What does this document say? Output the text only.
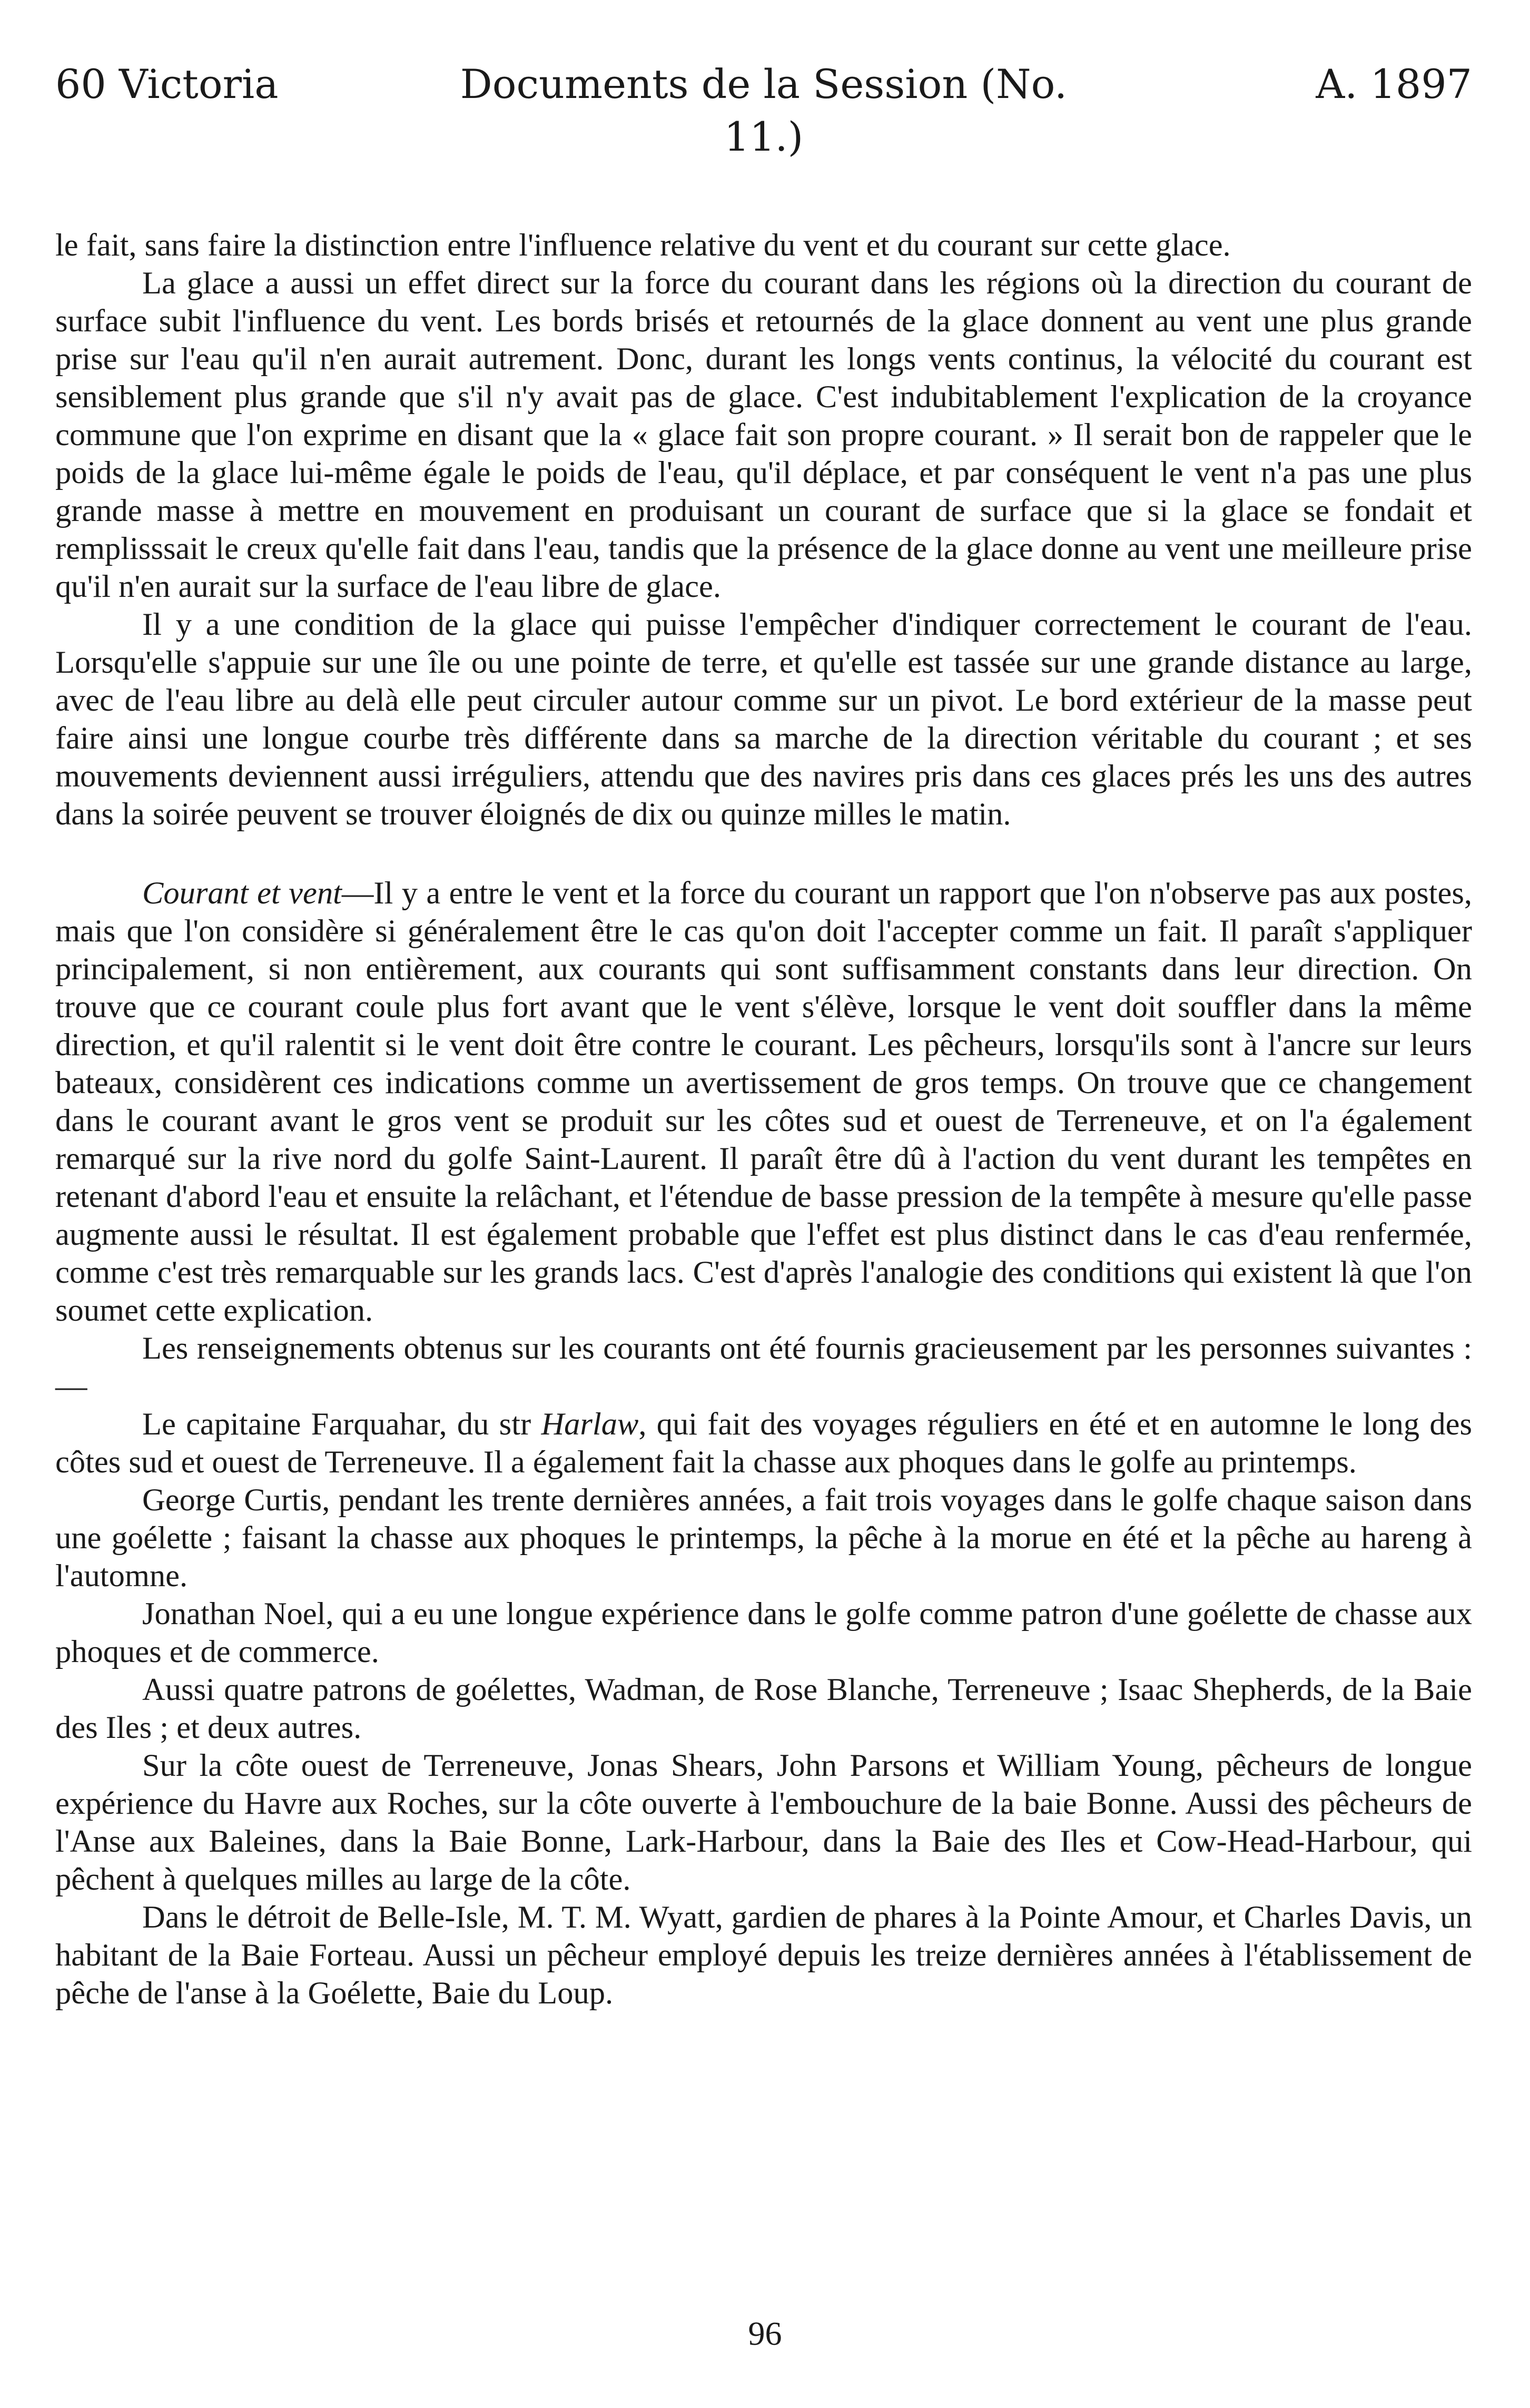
60 Victoria	Documents de la Session (No. 11.)
A. 1897

le fait, sans faire la distinction entre l'influence relative du vent et du courant sur cette glace.

La glace a aussi un effet direct sur la force du courant dans les régions où la direction du courant de surface subit l'influence du vent. Les bords brisés et retournés de la glace donnent au vent une plus grande prise sur l'eau qu'il n'en aurait autrement. Donc, durant les longs vents continus, la vélocité du courant est sensiblement plus grande que s'il n'y avait pas de glace. C'est indubitablement l'explication de la croyance commune que l'on exprime en disant que la « glace fait son propre courant. » Il serait bon de rappeler que le poids de la glace lui-même égale le poids de l'eau, qu'il déplace, et par conséquent le vent n'a pas une plus grande masse à mettre en mouvement en produisant un courant de surface que si la glace se fondait et remplisssait le creux qu'elle fait dans l'eau, tandis que la présence de la glace donne au vent une meilleure prise qu'il n'en aurait sur la surface de l'eau libre de glace.

Il y a une condition de la glace qui puisse l'empêcher d'indiquer correctement le courant de l'eau. Lorsqu'elle s'appuie sur une île ou une pointe de terre, et qu'elle est tassée sur une grande distance au large, avec de l'eau libre au delà elle peut circuler autour comme sur un pivot. Le bord extérieur de la masse peut faire ainsi une longue courbe très différente dans sa marche de la direction véritable du courant ; et ses mouvements deviennent aussi irréguliers, attendu que des navires pris dans ces glaces prés les uns des autres dans la soirée peuvent se trouver éloignés de dix ou quinze milles le matin.

Courant et vent—Il y a entre le vent et la force du courant un rapport que l'on n'observe pas aux postes, mais que l'on considère si généralement être le cas qu'on doit l'accepter comme un fait. Il paraît s'appliquer principalement, si non entièrement, aux courants qui sont suffisamment constants dans leur direction. On trouve que ce courant coule plus fort avant que le vent s'élève, lorsque le vent doit souffler dans la même direction, et qu'il ralentit si le vent doit être contre le courant. Les pêcheurs, lorsqu'ils sont à l'ancre sur leurs bateaux, considèrent ces indications comme un avertissement de gros temps. On trouve que ce changement dans le courant avant le gros vent se produit sur les côtes sud et ouest de Terreneuve, et on l'a également remarqué sur la rive nord du golfe Saint-Laurent. Il paraît être dû à l'action du vent durant les tempêtes en retenant d'abord l'eau et ensuite la relâchant, et l'étendue de basse pression de la tempête à mesure qu'elle passe augmente aussi le résultat. Il est également probable que l'effet est plus distinct dans le cas d'eau renfermée, comme c'est très remarquable sur les grands lacs. C'est d'après l'analogie des conditions qui existent là que l'on soumet cette explication.

Les renseignements obtenus sur les courants ont été fournis gracieusement par les personnes suivantes :—

Le capitaine Farquahar, du str Harlaw, qui fait des voyages réguliers en été et en automne le long des côtes sud et ouest de Terreneuve. Il a également fait la chasse aux phoques dans le golfe au printemps.

George Curtis, pendant les trente dernières années, a fait trois voyages dans le golfe chaque saison dans une goélette ; faisant la chasse aux phoques le printemps, la pêche à la morue en été et la pêche au hareng à l'automne.

Jonathan Noel, qui a eu une longue expérience dans le golfe comme patron d'une goélette de chasse aux phoques et de commerce.

Aussi quatre patrons de goélettes, Wadman, de Rose Blanche, Terreneuve ; Isaac Shepherds, de la Baie des Iles ; et deux autres.

Sur la côte ouest de Terreneuve, Jonas Shears, John Parsons et William Young, pêcheurs de longue expérience du Havre aux Roches, sur la côte ouverte à l'embouchure de la baie Bonne. Aussi des pêcheurs de l'Anse aux Baleines, dans la Baie Bonne, Lark-Harbour, dans la Baie des Iles et Cow-Head-Harbour, qui pêchent à quelques milles au large de la côte.

Dans le détroit de Belle-Isle, M. T. M. Wyatt, gardien de phares à la Pointe Amour, et Charles Davis, un habitant de la Baie Forteau. Aussi un pêcheur employé depuis les treize dernières années à l'établissement de pêche de l'anse à la Goélette, Baie du Loup.

96
